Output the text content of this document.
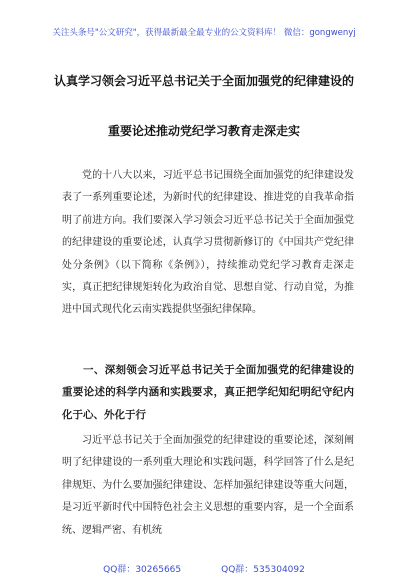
关注头条号"公文研究"，获得最新最全最专业的公文资料库！ 微信：gongwenyj
认真学习领会习近平总书记关于全面加强党的纪律建设的
重要论述推动党纪学习教育走深走实

党的十八大以来，习近平总书记围绕全面加强党的纪律建设发表了一系列重要论述，为新时代的纪律建设、推进党的自我革命指明了前进方向。我们要深入学习领会习近平总书记关于全面加强党的纪律建设的重要论述，认真学习贯彻新修订的《中国共产党纪律处分条例》（以下简称《条例》），持续推动党纪学习教育走深走实，真正把纪律规矩转化为政治自觉、思想自觉、行动自觉，为推进中国式现代化云南实践提供坚强纪律保障。

一、深刻领会习近平总书记关于全面加强党的纪律建设的重要论述的科学内涵和实践要求，真正把学纪知纪明纪守纪内化于心、外化于行

习近平总书记关于全面加强党的纪律建设的重要论述，深刻阐明了纪律建设的一系列重大理论和实践问题，科学回答了什么是纪律规矩、为什么要加强纪律建设、怎样加强纪律建设等重大问题，是习近平新时代中国特色社会主义思想的重要内容，是一个全面系统、逻辑严密、有机统

QQ群：30265665	QQ群：535304092
